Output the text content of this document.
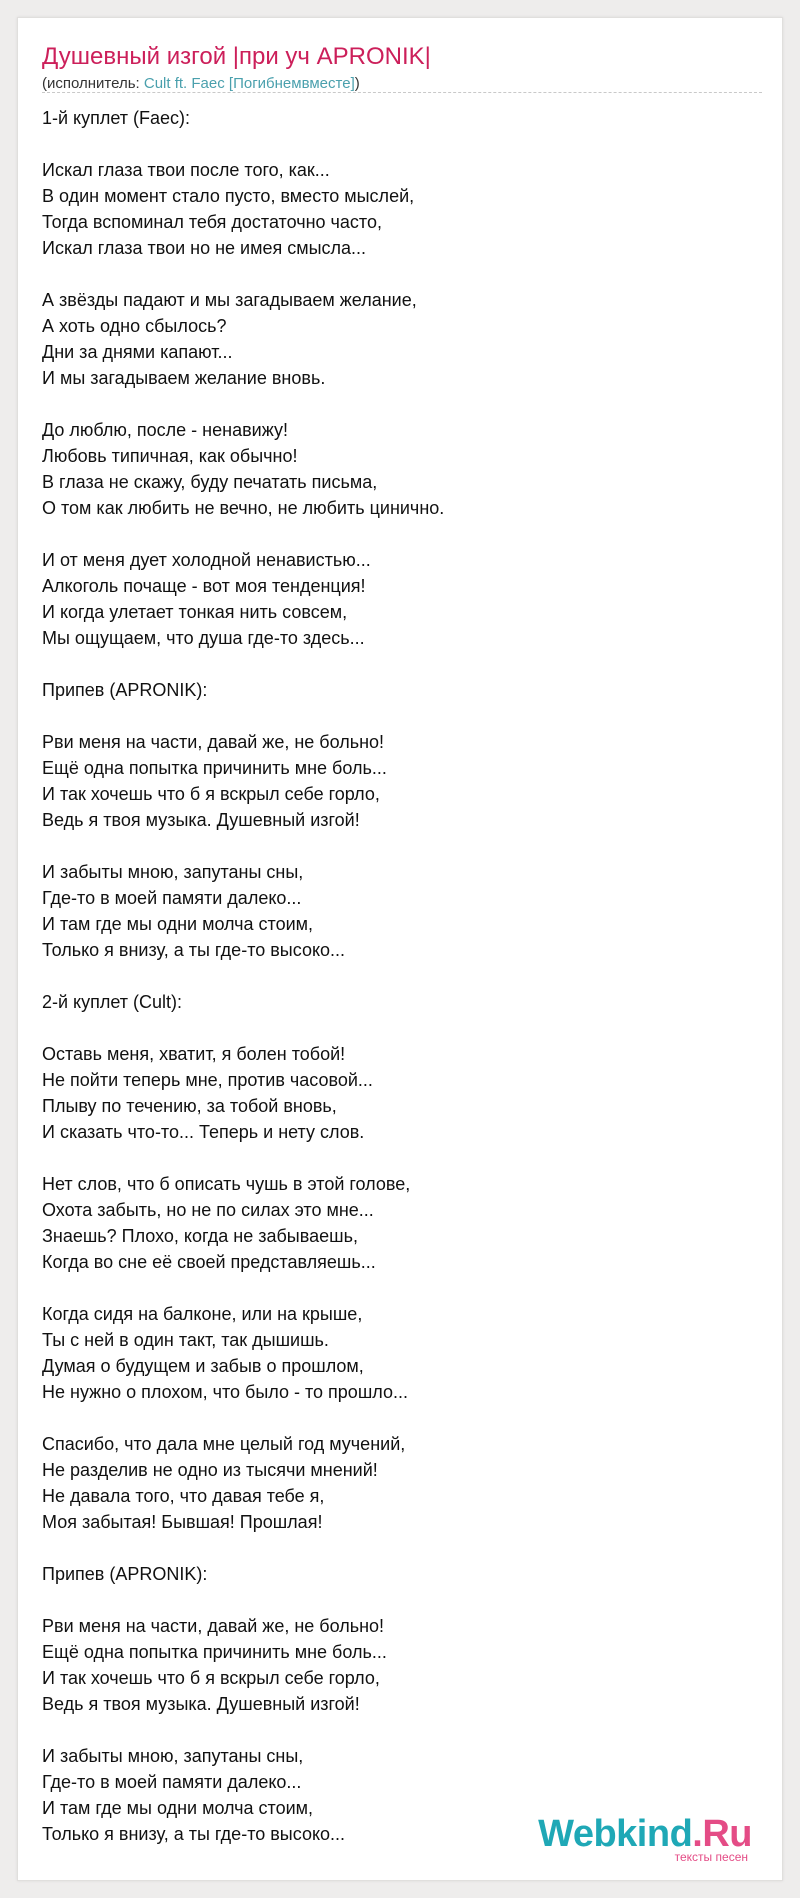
Душевный изгой |при уч APRONIK|
(исполнитель: Cult ft. Faec [Погибнемвместе])
1-й куплет (Faec):
Искал глаза твои после того, как...
В один момент стало пусто, вместо мыслей,
Тогда вспоминал тебя достаточно часто,
Искал глаза твои но не имея смысла...
А звёзды падают и мы загадываем желание,
А хоть одно сбылось?
Дни за днями капают...
И мы загадываем желание вновь.
До люблю, после - ненавижу!
Любовь типичная, как обычно!
В глаза не скажу, буду печатать письма,
О том как любить не вечно, не любить цинично.
И от меня дует холодной ненавистью...
Алкоголь почаще - вот моя тенденция!
И когда улетает тонкая нить совсем,
Мы ощущаем, что душа где-то здесь...
Припев (APRONIK):
Рви меня на части, давай же, не больно!
Ещё одна попытка причинить мне боль...
И так хочешь что б я вскрыл себе горло,
Ведь я твоя музыка. Душевный изгой!
И забыты мною, запутаны сны,
Где-то в моей памяти далеко...
И там где мы одни молча стоим,
Только я внизу, а ты где-то высоко...
2-й куплет (Cult):
Оставь меня, хватит, я болен тобой!
Не пойти теперь мне, против часовой...
Плыву по течению, за тобой вновь,
И сказать что-то... Теперь и нету слов.
Нет слов, что б описать чушь в этой голове,
Охота забыть, но не по силах это мне...
Знаешь? Плохо, когда не забываешь,
Когда во сне её своей представляешь...
Когда сидя на балконе, или на крыше,
Ты с ней в один такт, так дышишь.
Думая о будущем и забыв о прошлом,
Не нужно о плохом, что было - то прошло...
Спасибо, что дала мне целый год мучений,
Не разделив не одно из тысячи мнений!
Не давала того, что давая тебе я,
Моя забытая! Бывшая! Прошлая!
Припев (APRONIK):
Рви меня на части, давай же, не больно!
Ещё одна попытка причинить мне боль...
И так хочешь что б я вскрыл себе горло,
Ведь я твоя музыка. Душевный изгой!
И забыты мною, запутаны сны,
Где-то в моей памяти далеко...
И там где мы одни молча стоим,
Только я внизу, а ты где-то высоко...	Webkind.Ru
тексты песен
